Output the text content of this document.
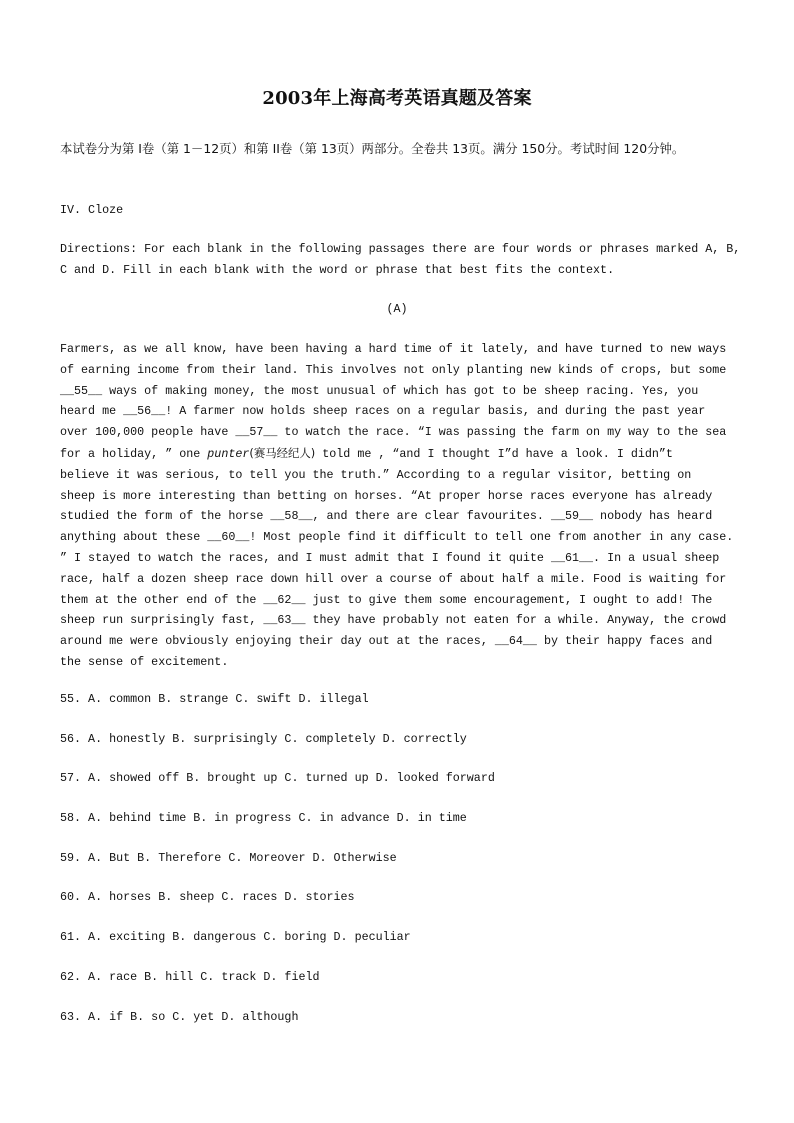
2003年上海高考英语真题及答案
本试卷分为第 I卷（第 1－12页）和第 II卷（第 13页）两部分。全卷共 13页。满分 150分。考试时间 120分钟。
IV. Cloze
Directions: For each blank in the following passages there are four words or phrases marked A, B, C and D. Fill in each blank with the word or phrase that best fits the context.
(A)
Farmers, as we all know, have been having a hard time of it lately, and have turned to new ways
of earning income from their land. This involves not only planting new kinds of crops, but some
__55__ ways of making money, the most unusual of which has got to be sheep racing. Yes, you
heard me __56__! A farmer now holds sheep races on a regular basis, and during the past year
over 100,000 people have __57__ to watch the race. “I was passing the farm on my way to the sea
for a holiday, ” one punter(赛马经纪人) told me , “and I thought I”d have a look. I didn”t
believe it was serious, to tell you the truth.” According to a regular visitor, betting on
sheep is more interesting than betting on horses. “At proper horse races everyone has already
studied the form of the horse __58__, and there are clear favourites. __59__ nobody has heard
anything about these __60__! Most people find it difficult to tell one from another in any case.
” I stayed to watch the races, and I must admit that I found it quite __61__. In a usual sheep
race, half a dozen sheep race down hill over a course of about half a mile. Food is waiting for
them at the other end of the __62__ just to give them some encouragement, I ought to add! The
sheep run surprisingly fast, __63__ they have probably not eaten for a while. Anyway, the crowd
around me were obviously enjoying their day out at the races, __64__ by their happy faces and
the sense of excitement.
55. A. common B. strange C. swift D. illegal
56. A. honestly B. surprisingly C. completely D. correctly
57. A. showed off B. brought up C. turned up D. looked forward
58. A. behind time B. in progress C. in advance D. in time
59. A. But B. Therefore C. Moreover D. Otherwise
60. A. horses B. sheep C. races D. stories
61. A. exciting B. dangerous C. boring D. peculiar
62. A. race B. hill C. track D. field
63. A. if B. so C. yet D. although
